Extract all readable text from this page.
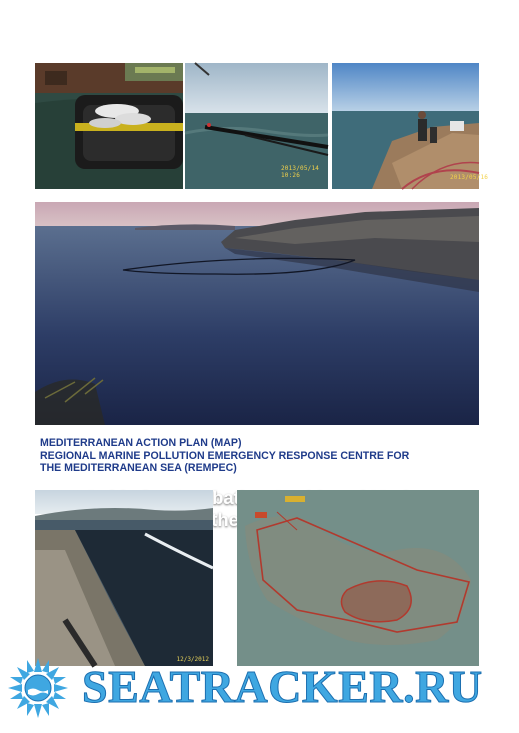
2013/05/14 10:26	2013/05/16
Combating
the
MEDITERRANEAN ACTION PLAN (MAP)
REGIONAL MARINE POLLUTION EMERGENCY RESPONSE CENTRE FOR
THE MEDITERRANEAN SEA (REMPEC)
12/3/2012
SEATRACKER.RU
